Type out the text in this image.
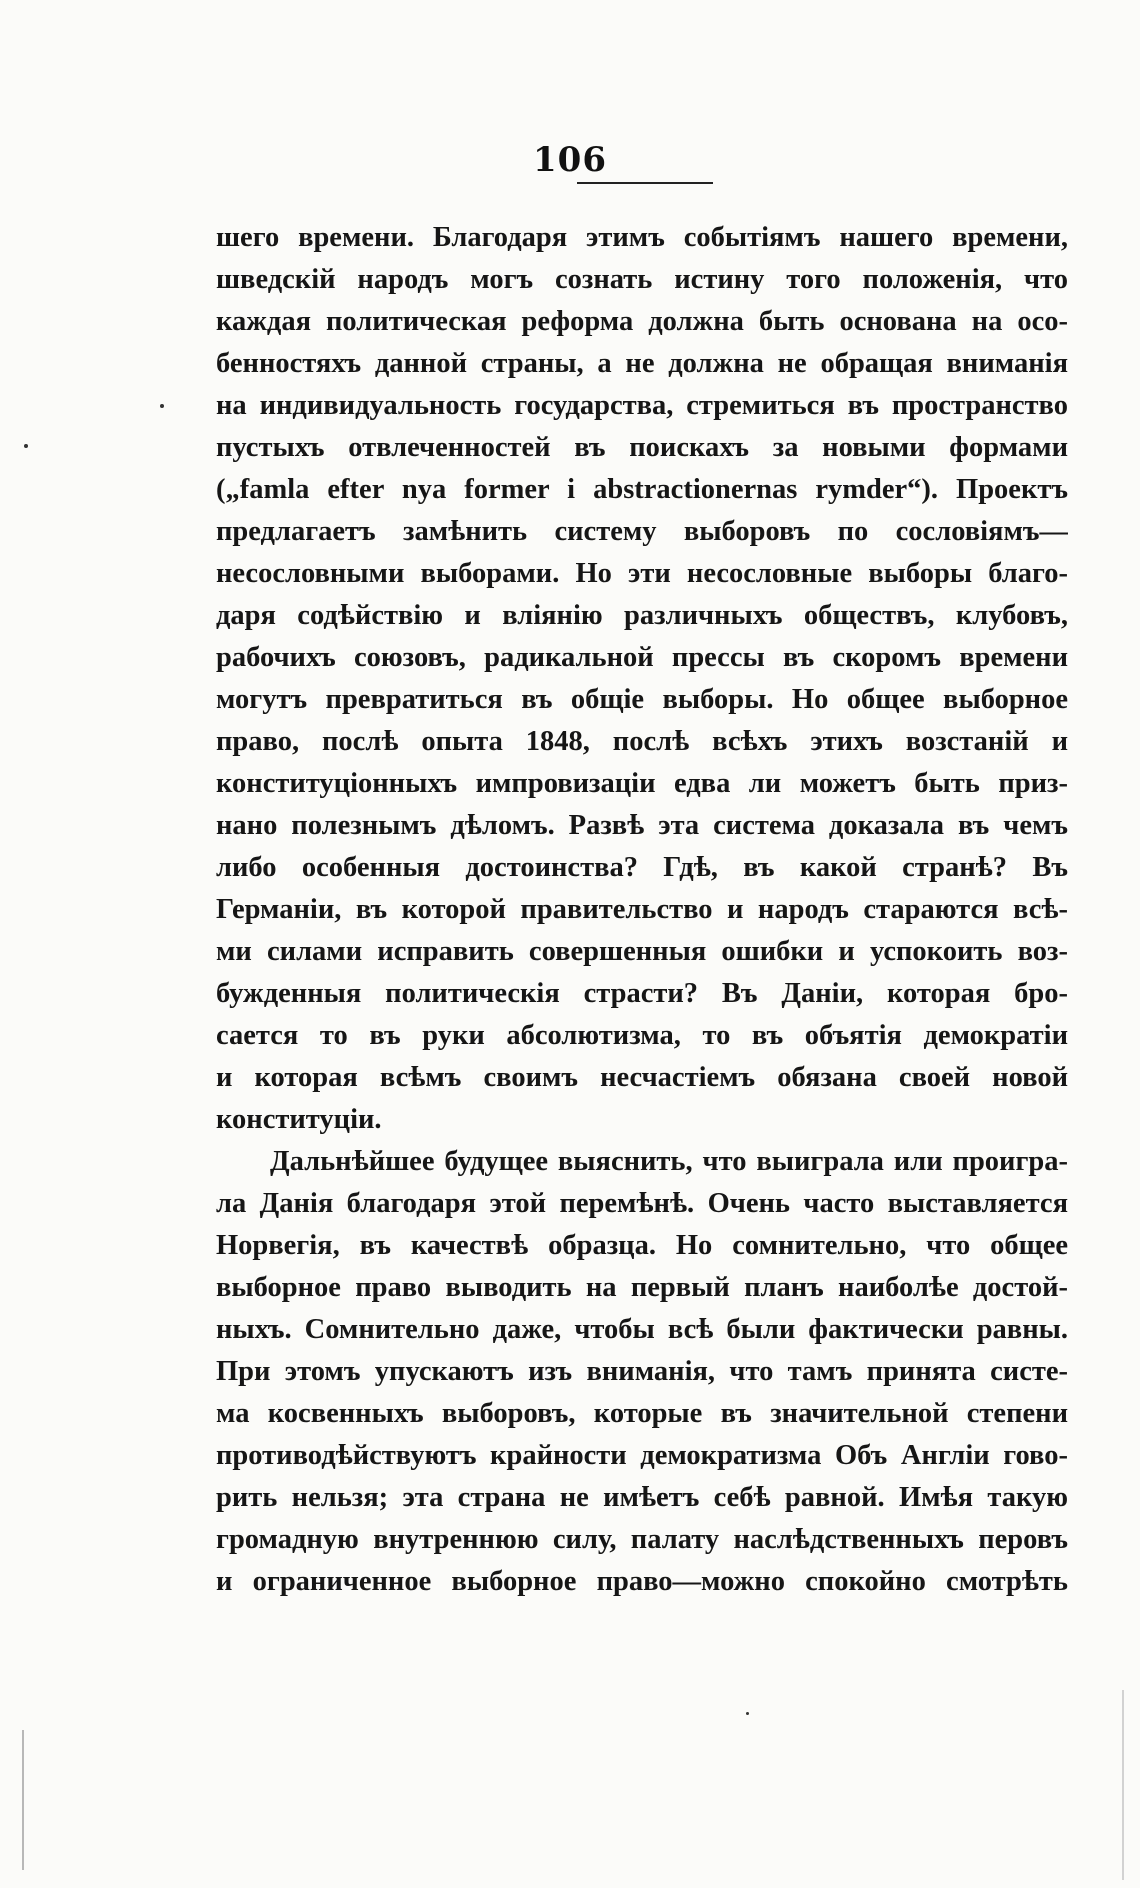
106
шего времени. Благодаря этимъ событіямъ нашего времени,
шведскій народъ могъ сознать истину того положенія, что
каждая политическая реформа должна быть основана на осо-
бенностяхъ данной страны, а не должна не обращая вниманія
на индивидуальность государства, стремиться въ пространство
пустыхъ отвлеченностей въ поискахъ за новыми формами
(„famla efter nya former i abstractionernas rymder“). Проектъ
предлагаетъ замѣнить систему выборовъ по сословіямъ—
несословными выборами. Но эти несословные выборы благо-
даря содѣйствію и вліянію различныхъ обществъ, клубовъ,
рабочихъ союзовъ, радикальной прессы въ скоромъ времени
могутъ превратиться въ общіе выборы. Но общее выборное
право, послѣ опыта 1848, послѣ всѣхъ этихъ возстаній и
конституціонныхъ импровизаціи едва ли можетъ быть приз-
нано полезнымъ дѣломъ. Развѣ эта система доказала въ чемъ
либо особенныя достоинства? Гдѣ, въ какой странѣ? Въ
Германіи, въ которой правительство и народъ стараются всѣ-
ми силами исправить совершенныя ошибки и успокоить воз-
бужденныя политическія страсти? Въ Даніи, которая бро-
сается то въ руки абсолютизма, то въ объятія демократіи
и которая всѣмъ своимъ несчастіемъ обязана своей новой
конституціи.
Дальнѣйшее будущее выяснить, что выиграла или проигра-
ла Данія благодаря этой перемѣнѣ. Очень часто выставляется
Норвегія, въ качествѣ образца. Но сомнительно, что общее
выборное право выводить на первый планъ наиболѣе достой-
ныхъ. Сомнительно даже, чтобы всѣ были фактически равны.
При этомъ упускаютъ изъ вниманія, что тамъ принята систе-
ма косвенныхъ выборовъ, которые въ значительной степени
противодѣйствуютъ крайности демократизма Объ Англіи гово-
рить нельзя; эта страна не имѣетъ себѣ равной. Имѣя такую
громадную внутреннюю силу, палату наслѣдственныхъ перовъ
и ограниченное выборное право—можно спокойно смотрѣть
